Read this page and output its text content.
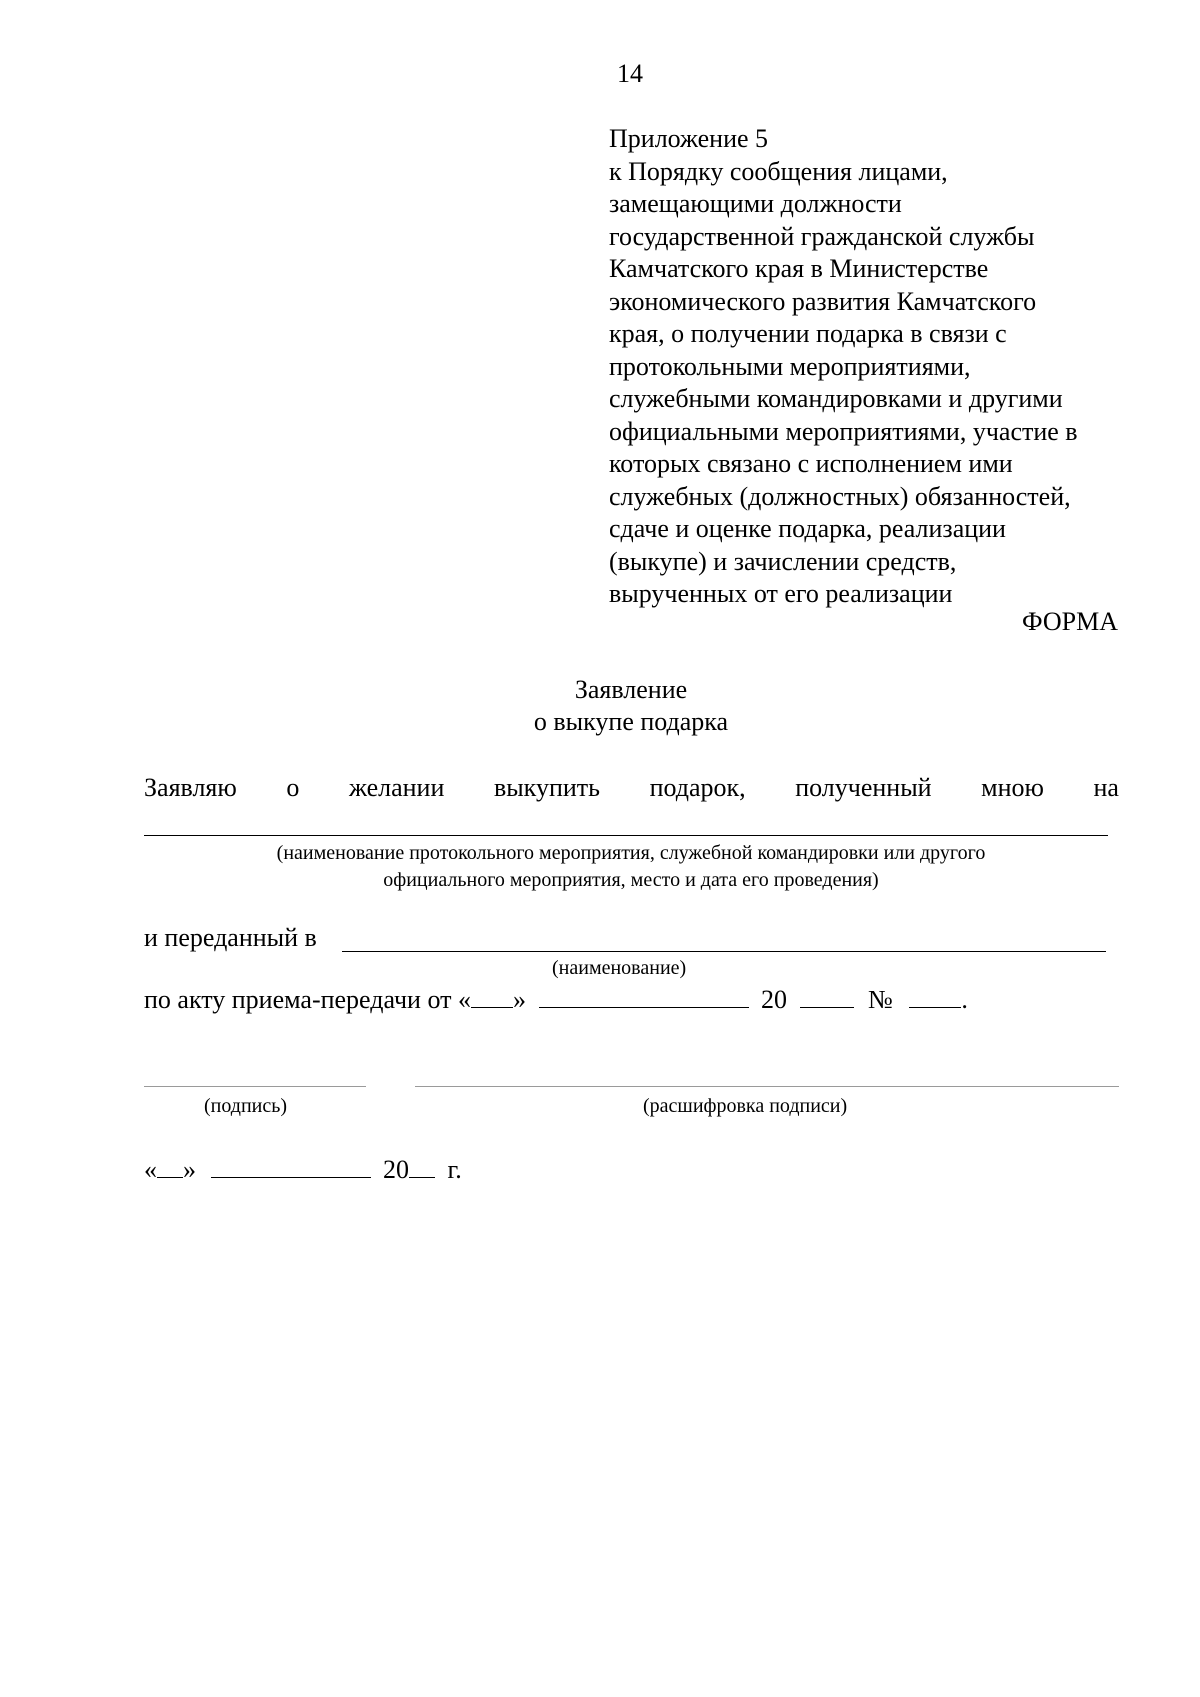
14
Приложение 5
к Порядку сообщения лицами,
замещающими должности
государственной гражданской службы
Камчатского края в Министерстве
экономического развития Камчатского
края, о получении подарка в связи с
протокольными мероприятиями,
служебными командировками и другими
официальными мероприятиями, участие в
которых связано с исполнением ими
служебных (должностных) обязанностей,
сдаче и оценке подарка, реализации
(выкупе) и зачислении средств,
вырученных от его реализации
ФОРМА
Заявление
о выкупе подарка
Заявляю о желании выкупить подарок, полученный мною на
(наименование протокольного мероприятия, служебной командировки или другого
официального мероприятия, место и дата его проведения)
и переданный в
(наименование)
по акту приема-передачи от « »	20	№	.
(подпись)	(расшифровка подписи)
« »	20 г.
